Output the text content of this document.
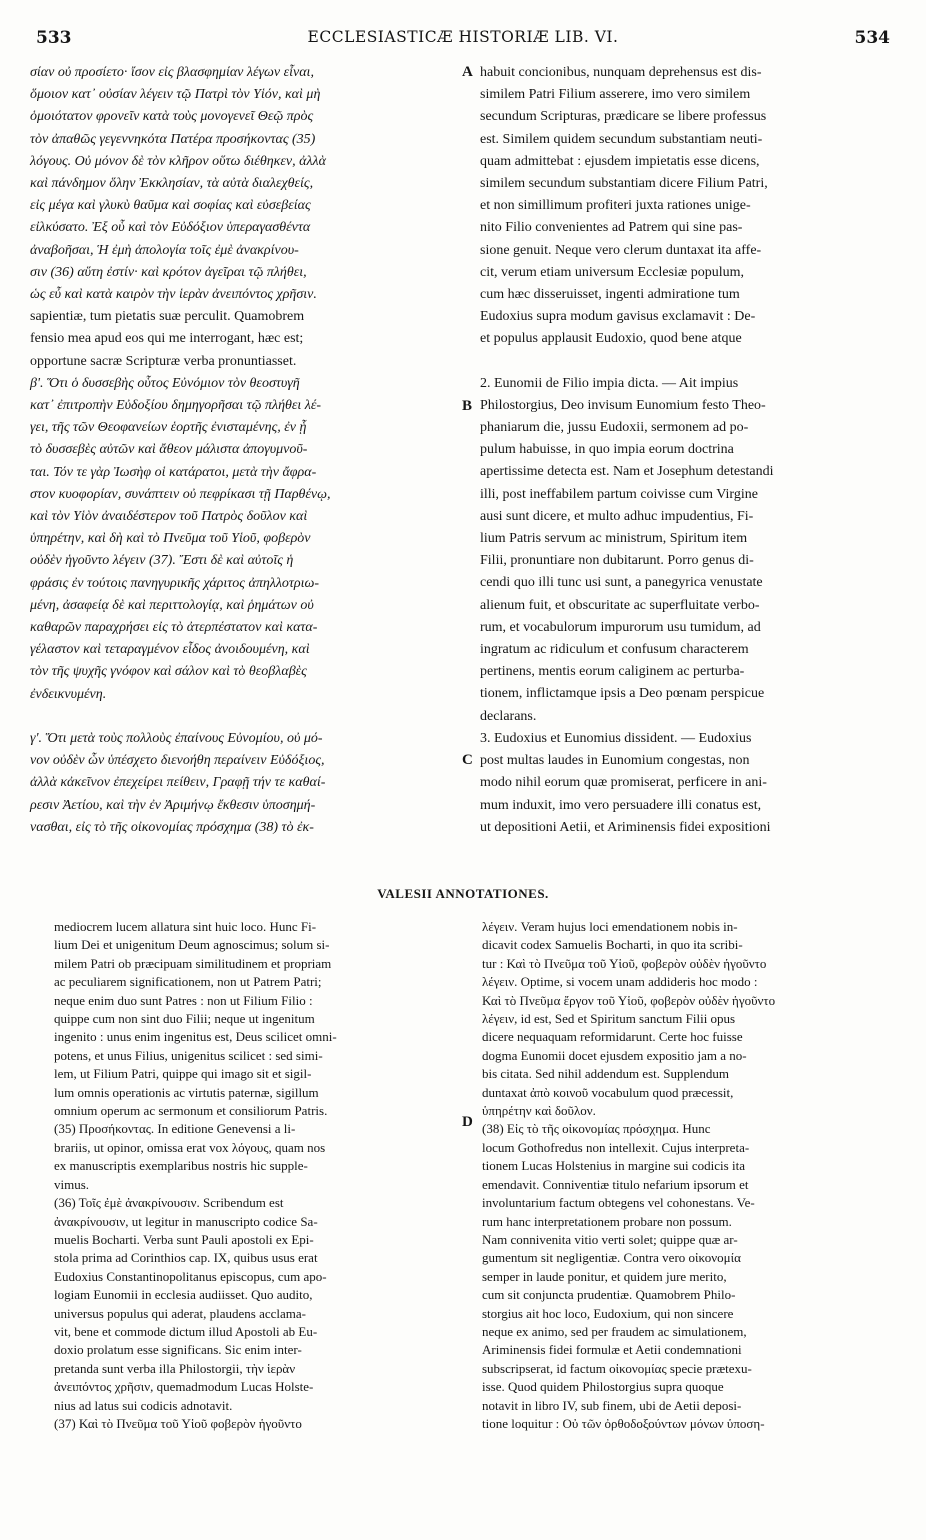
533	ECCLESIASTICÆ HISTORIÆ LIB. VI.	534
σίαν οὐ προσίετο· ἴσον εἰς βλασφημίαν λέγων εἶναι,
ὅμοιον κατ᾽ οὐσίαν λέγειν τῷ Πατρὶ τὸν Υἱόν, καὶ μὴ
ὁμοιότατον φρονεῖν κατὰ τοὺς μονογενεῖ Θεῷ πρὸς
τὸν ἀπαθῶς γεγεννηκότα Πατέρα προσήκοντας (35)
λόγους. Οὐ μόνον δὲ τὸν κλῆρον οὕτω διέθηκεν, ἀλλὰ
καὶ πάνδημον ὅλην Ἐκκλησίαν, τὰ αὐτὰ διαλεχθείς,
εἰς μέγα καὶ γλυκὺ θαῦμα καὶ σοφίας καὶ εὐσεβείας
εἰλκύσατο. Ἐξ οὗ καὶ τὸν Εὐδόξιον ὑπεραγασθέντα
ἀναβοῆσαι, Ἡ ἐμὴ ἀπολογία τοῖς ἐμὲ ἀνακρίνου-
σιν (36) αὕτη ἐστίν· καὶ κρότον ἀγεῖραι τῷ πλήθει,
ὡς εὖ καὶ κατὰ καιρὸν τὴν ἱερὰν ἀνειπόντος χρῆσιν.
sapientiæ, tum pietatis suæ perculit. Quamobrem
fensio mea apud eos qui me interrogant, hæc est;
opportune sacræ Scripturæ verba pronuntiasset.
β'. Ὅτι ὁ δυσσεβὴς οὗτος Εὐνόμιον τὸν θεοστυγῆ
κατ᾽ ἐπιτροπὴν Εὐδοξίου δημηγορῆσαι τῷ πλήθει λέ-
γει, τῆς τῶν Θεοφανείων ἑορτῆς ἐνισταμένης, ἐν ᾗ
τὸ δυσσεβὲς αὐτῶν καὶ ἄθεον μάλιστα ἀπογυμνοῦ-
ται. Τόν τε γὰρ Ἰωσὴφ οἱ κατάρατοι, μετὰ τὴν ἄφρα-
στον κυοφορίαν, συνάπτειν οὐ πεφρίκασι τῇ Παρθένῳ,
καὶ τὸν Υἱὸν ἀναιδέστερον τοῦ Πατρὸς δοῦλον καὶ
ὑπηρέτην, καὶ δὴ καὶ τὸ Πνεῦμα τοῦ Υἱοῦ, φοβερὸν
οὐδὲν ἡγοῦντο λέγειν (37). Ἔστι δὲ καὶ αὐτοῖς ἡ
φράσις ἐν τούτοις πανηγυρικῆς χάριτος ἀπηλλοτριω-
μένη, ἀσαφείᾳ δὲ καὶ περιττολογίᾳ, καὶ ῥημάτων οὐ
καθαρῶν παραχρήσει εἰς τὸ ἀτερπέστατον καὶ κατα-
γέλαστον καὶ τεταραγμένον εἶδος ἀνοιδουμένη, καὶ
τὸν τῆς ψυχῆς γνόφον καὶ σάλον καὶ τὸ θεοβλαβὲς
ἐνδεικνυμένη.
γ'. Ὅτι μετὰ τοὺς πολλοὺς ἐπαίνους Εὐνομίου, οὐ μό-
νον οὐδὲν ὧν ὑπέσχετο διενοήθη περαίνειν Εὐδόξιος,
ἀλλὰ κἀκεῖνον ἐπεχείρει πείθειν, Γραφῇ τήν τε καθαί-
ρεσιν Ἀετίου, καὶ τὴν ἐν Ἀριμήνῳ ἔκθεσιν ὑποσημή-
νασθαι, εἰς τὸ τῆς οἰκονομίας πρόσχημα (38) τὸ ἐκ-
habuit concionibus, nunquam deprehensus est dis-
similem Patri Filium asserere, imo vero similem
secundum Scripturas, prædicare se libere professus
est. Similem quidem secundum substantiam neuti-
quam admittebat : ejusdem impietatis esse dicens,
similem secundum substantiam dicere Filium Patri,
et non simillimum profiteri juxta rationes unige-
nito Filio convenientes ad Patrem qui sine pas-
sione genuit. Neque vero clerum duntaxat ita affe-
cit, verum etiam universum Ecclesiæ populum,
cum hæc disseruisset, ingenti admiratione tum
Eudoxius supra modum gavisus exclamavit : De-
et populus applausit Eudoxio, quod bene atque
2. Eunomii de Filio impia dicta. — Ait impius
Philostorgius, Deo invisum Eunomium festo Theo-
phaniarum die, jussu Eudoxii, sermonem ad po-
pulum habuisse, in quo impia eorum doctrina
apertissime detecta est. Nam et Josephum detestandi
illi, post ineffabilem partum coivisse cum Virgine
ausi sunt dicere, et multo adhuc impudentius, Fi-
lium Patris servum ac ministrum, Spiritum item
Filii, pronuntiare non dubitarunt. Porro genus di-
cendi quo illi tunc usi sunt, a panegyrica venustate
alienum fuit, et obscuritate ac superfluitate verbo-
rum, et vocabulorum impurorum usu tumidum, ad
ingratum ac ridiculum et confusum characterem
pertinens, mentis eorum caliginem ac perturba-
tionem, inflictamque ipsis a Deo pœnam perspicue
declarans.
3. Eudoxius et Eunomius dissident. — Eudoxius
post multas laudes in Eunomium congestas, non
modo nihil eorum quæ promiserat, perficere in ani-
mum induxit, imo vero persuadere illi conatus est,
ut depositioni Aetii, et Ariminensis fidei expositioni
A
B
C
D
VALESII ANNOTATIONES.
mediocrem lucem allatura sint huic loco. Hunc Fi-
lium Dei et unigenitum Deum agnoscimus; solum si-
milem Patri ob præcipuam similitudinem et propriam
ac peculiarem significationem, non ut Patrem Patri;
neque enim duo sunt Patres : non ut Filium Filio :
quippe cum non sint duo Filii; neque ut ingenitum
ingenito : unus enim ingenitus est, Deus scilicet omni-
potens, et unus Filius, unigenitus scilicet : sed simi-
lem, ut Filium Patri, quippe qui imago sit et sigil-
lum omnis operationis ac virtutis paternæ, sigillum
omnium operum ac sermonum et consiliorum Patris.
(35) Προσήκοντας. In editione Genevensi a li-
brariis, ut opinor, omissa erat vox λόγους, quam nos
ex manuscriptis exemplaribus nostris hic supple-
vimus.
(36) Τοῖς ἐμὲ ἀνακρίνουσιν. Scribendum est
ἀνακρίνουσιν, ut legitur in manuscripto codice Sa-
muelis Bocharti. Verba sunt Pauli apostoli ex Epi-
stola prima ad Corinthios cap. IX, quibus usus erat
Eudoxius Constantinopolitanus episcopus, cum apo-
logiam Eunomii in ecclesia audiisset. Quo audito,
universus populus qui aderat, plaudens acclama-
vit, bene et commode dictum illud Apostoli ab Eu-
doxio prolatum esse significans. Sic enim inter-
pretanda sunt verba illa Philostorgii, τὴν ἱερὰν
ἀνειπόντος χρῆσιν, quemadmodum Lucas Holste-
nius ad latus sui codicis adnotavit.
(37) Καὶ τὸ Πνεῦμα τοῦ Υἱοῦ φοβερὸν ἡγοῦντο
λέγειν. Veram hujus loci emendationem nobis in-
dicavit codex Samuelis Bocharti, in quo ita scribi-
tur : Καὶ τὸ Πνεῦμα τοῦ Υἱοῦ, φοβερὸν οὐδὲν ἡγοῦντο
λέγειν. Optime, si vocem unam addideris hoc modo :
Καὶ τὸ Πνεῦμα ἔργον τοῦ Υἱοῦ, φοβερὸν οὐδὲν ἡγοῦντο
λέγειν, id est, Sed et Spiritum sanctum Filii opus
dicere nequaquam reformidarunt. Certe hoc fuisse
dogma Eunomii docet ejusdem expositio jam a no-
bis citata. Sed nihil addendum est. Supplendum
duntaxat ἀπὸ κοινοῦ vocabulum quod præcessit,
ὑπηρέτην καὶ δοῦλον.
(38) Εἰς τὸ τῆς οἰκονομίας πρόσχημα. Hunc
locum Gothofredus non intellexit. Cujus interpreta-
tionem Lucas Holstenius in margine sui codicis ita
emendavit. Conniventiæ titulo nefarium ipsorum et
involuntarium factum obtegens vel cohonestans. Ve-
rum hanc interpretationem probare non possum.
Nam connivenita vitio verti solet; quippe quæ ar-
gumentum sit negligentiæ. Contra vero οἰκονομία
semper in laude ponitur, et quidem jure merito,
cum sit conjuncta prudentiæ. Quamobrem Philo-
storgius ait hoc loco, Eudoxium, qui non sincere
neque ex animo, sed per fraudem ac simulationem,
Ariminensis fidei formulæ et Aetii condemnationi
subscripserat, id factum οἰκονομίας specie prætexu-
isse. Quod quidem Philostorgius supra quoque
notavit in libro IV, sub finem, ubi de Aetii deposi-
tione loquitur : Οὐ τῶν ὀρθοδοξούντων μόνων ὑποση-
